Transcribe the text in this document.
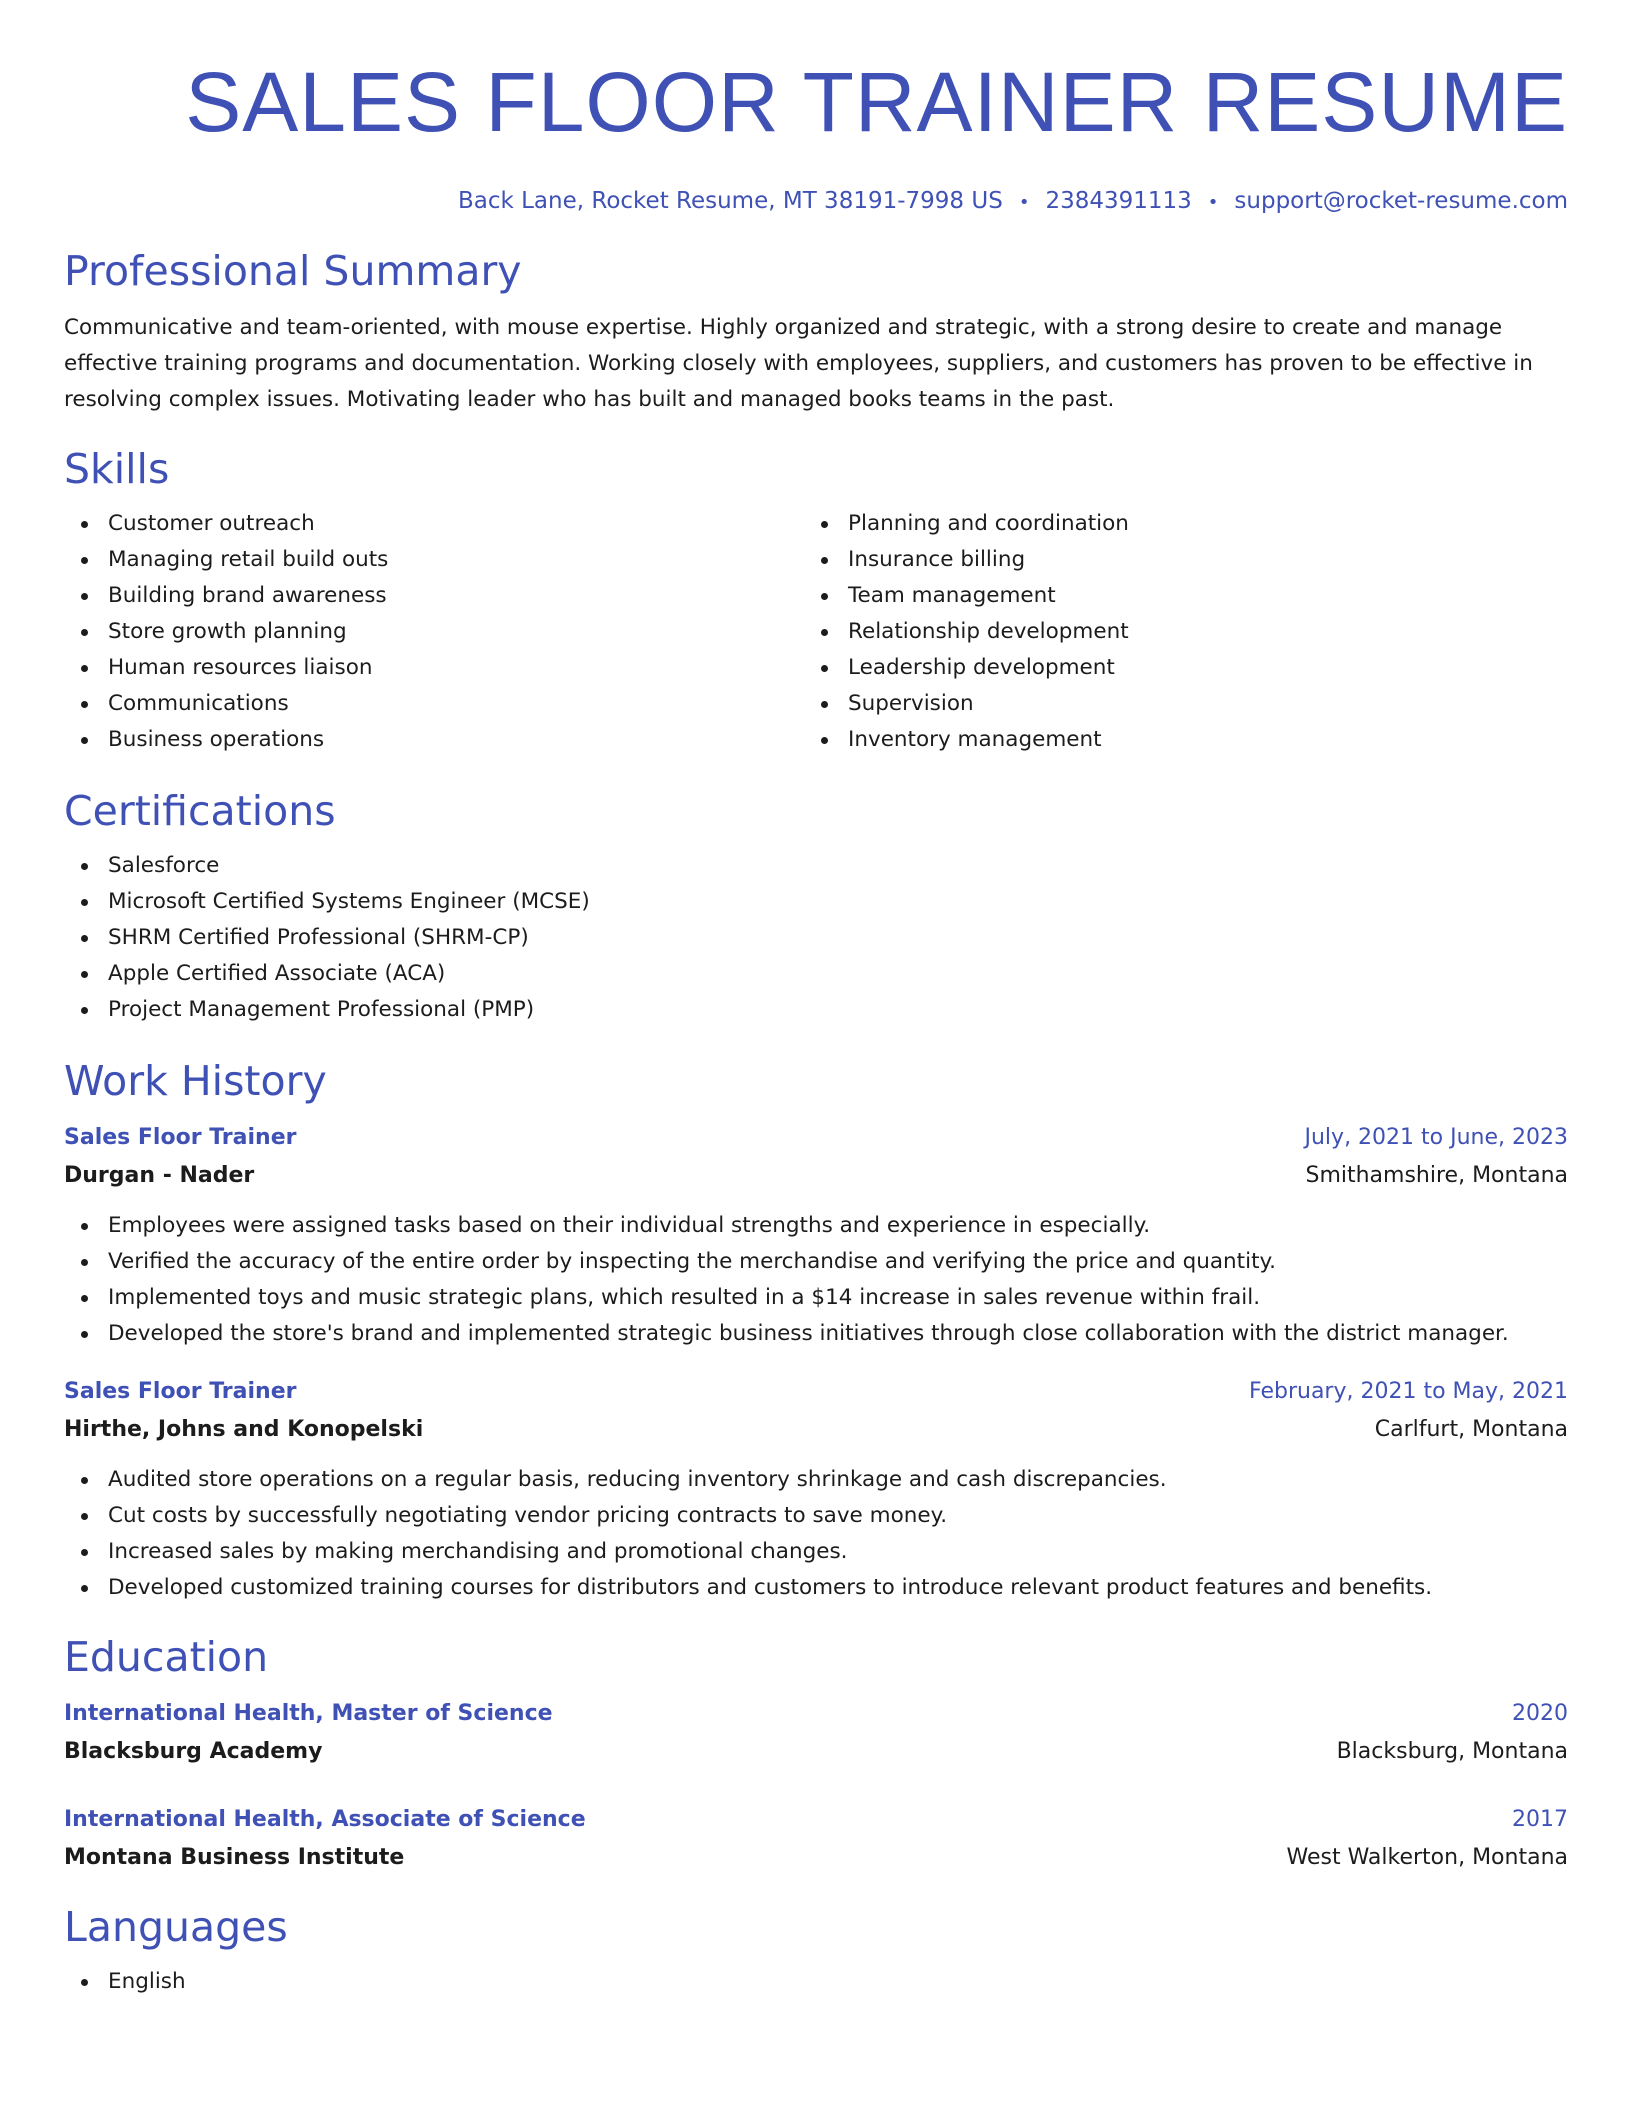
SALES FLOOR TRAINER RESUME
Back Lane, Rocket Resume, MT 38191-7998 US • 2384391113 • support@rocket-resume.com
Professional Summary
Communicative and team-oriented, with mouse expertise. Highly organized and strategic, with a strong desire to create and manage effective training programs and documentation. Working closely with employees, suppliers, and customers has proven to be effective in resolving complex issues. Motivating leader who has built and managed books teams in the past.
Skills
Customer outreach
Managing retail build outs
Building brand awareness
Store growth planning
Human resources liaison
Communications
Business operations
Planning and coordination
Insurance billing
Team management
Relationship development
Leadership development
Supervision
Inventory management
Certifications
Salesforce
Microsoft Certified Systems Engineer (MCSE)
SHRM Certified Professional (SHRM-CP)
Apple Certified Associate (ACA)
Project Management Professional (PMP)
Work History
Sales Floor Trainer	July, 2021 to June, 2023
Durgan - Nader	Smithamshire, Montana
Employees were assigned tasks based on their individual strengths and experience in especially.
Verified the accuracy of the entire order by inspecting the merchandise and verifying the price and quantity.
Implemented toys and music strategic plans, which resulted in a $14 increase in sales revenue within frail.
Developed the store's brand and implemented strategic business initiatives through close collaboration with the district manager.
Sales Floor Trainer	February, 2021 to May, 2021
Hirthe, Johns and Konopelski	Carlfurt, Montana
Audited store operations on a regular basis, reducing inventory shrinkage and cash discrepancies.
Cut costs by successfully negotiating vendor pricing contracts to save money.
Increased sales by making merchandising and promotional changes.
Developed customized training courses for distributors and customers to introduce relevant product features and benefits.
Education
International Health, Master of Science	2020
Blacksburg Academy	Blacksburg, Montana
International Health, Associate of Science	2017
Montana Business Institute	West Walkerton, Montana
Languages
English
